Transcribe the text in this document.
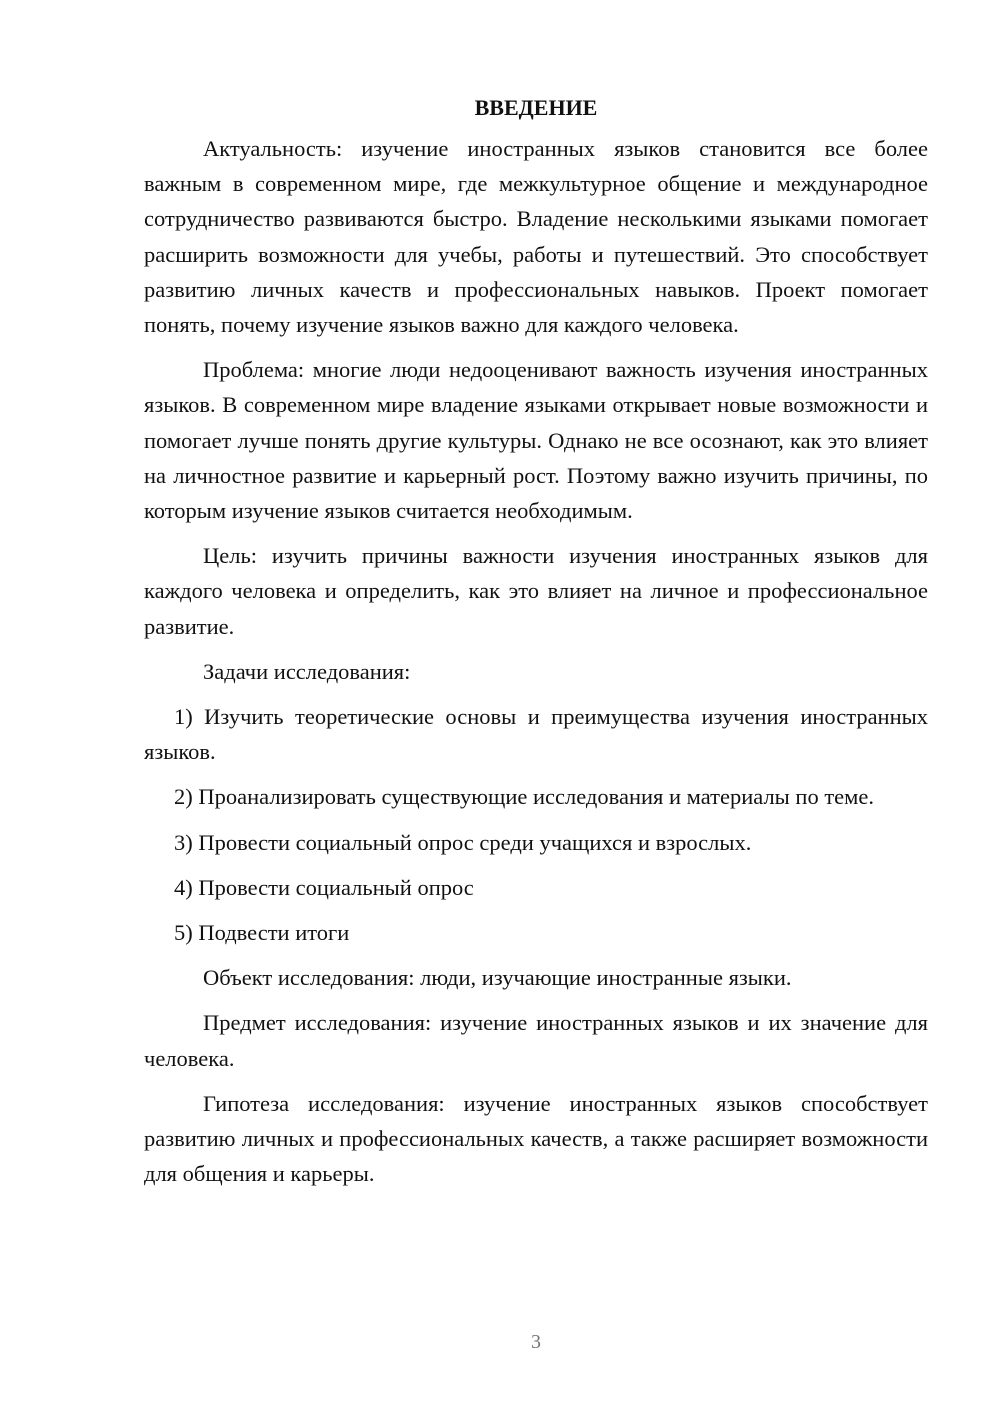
ВВЕДЕНИЕ

Актуальность: изучение иностранных языков становится все более важным в современном мире, где межкультурное общение и международное сотрудничество развиваются быстро. Владение несколькими языками помогает расширить возможности для учебы, работы и путешествий. Это способствует развитию личных качеств и профессиональных навыков. Проект помогает понять, почему изучение языков важно для каждого человека.

Проблема: многие люди недооценивают важность изучения иностранных языков. В современном мире владение языками открывает новые возможности и помогает лучше понять другие культуры. Однако не все осознают, как это влияет на личностное развитие и карьерный рост. Поэтому важно изучить причины, по которым изучение языков считается необходимым.

Цель: изучить причины важности изучения иностранных языков для каждого человека и определить, как это влияет на личное и профессиональное развитие.

Задачи исследования:

1) Изучить теоретические основы и преимущества изучения иностранных языков.

2) Проанализировать существующие исследования и материалы по теме.

3) Провести социальный опрос среди учащихся и взрослых.

4) Провести социальный опрос

5) Подвести итоги

Объект исследования: люди, изучающие иностранные языки.

Предмет исследования: изучение иностранных языков и их значение для человека.

Гипотеза исследования: изучение иностранных языков способствует развитию личных и профессиональных качеств, а также расширяет возможности для общения и карьеры.

3
